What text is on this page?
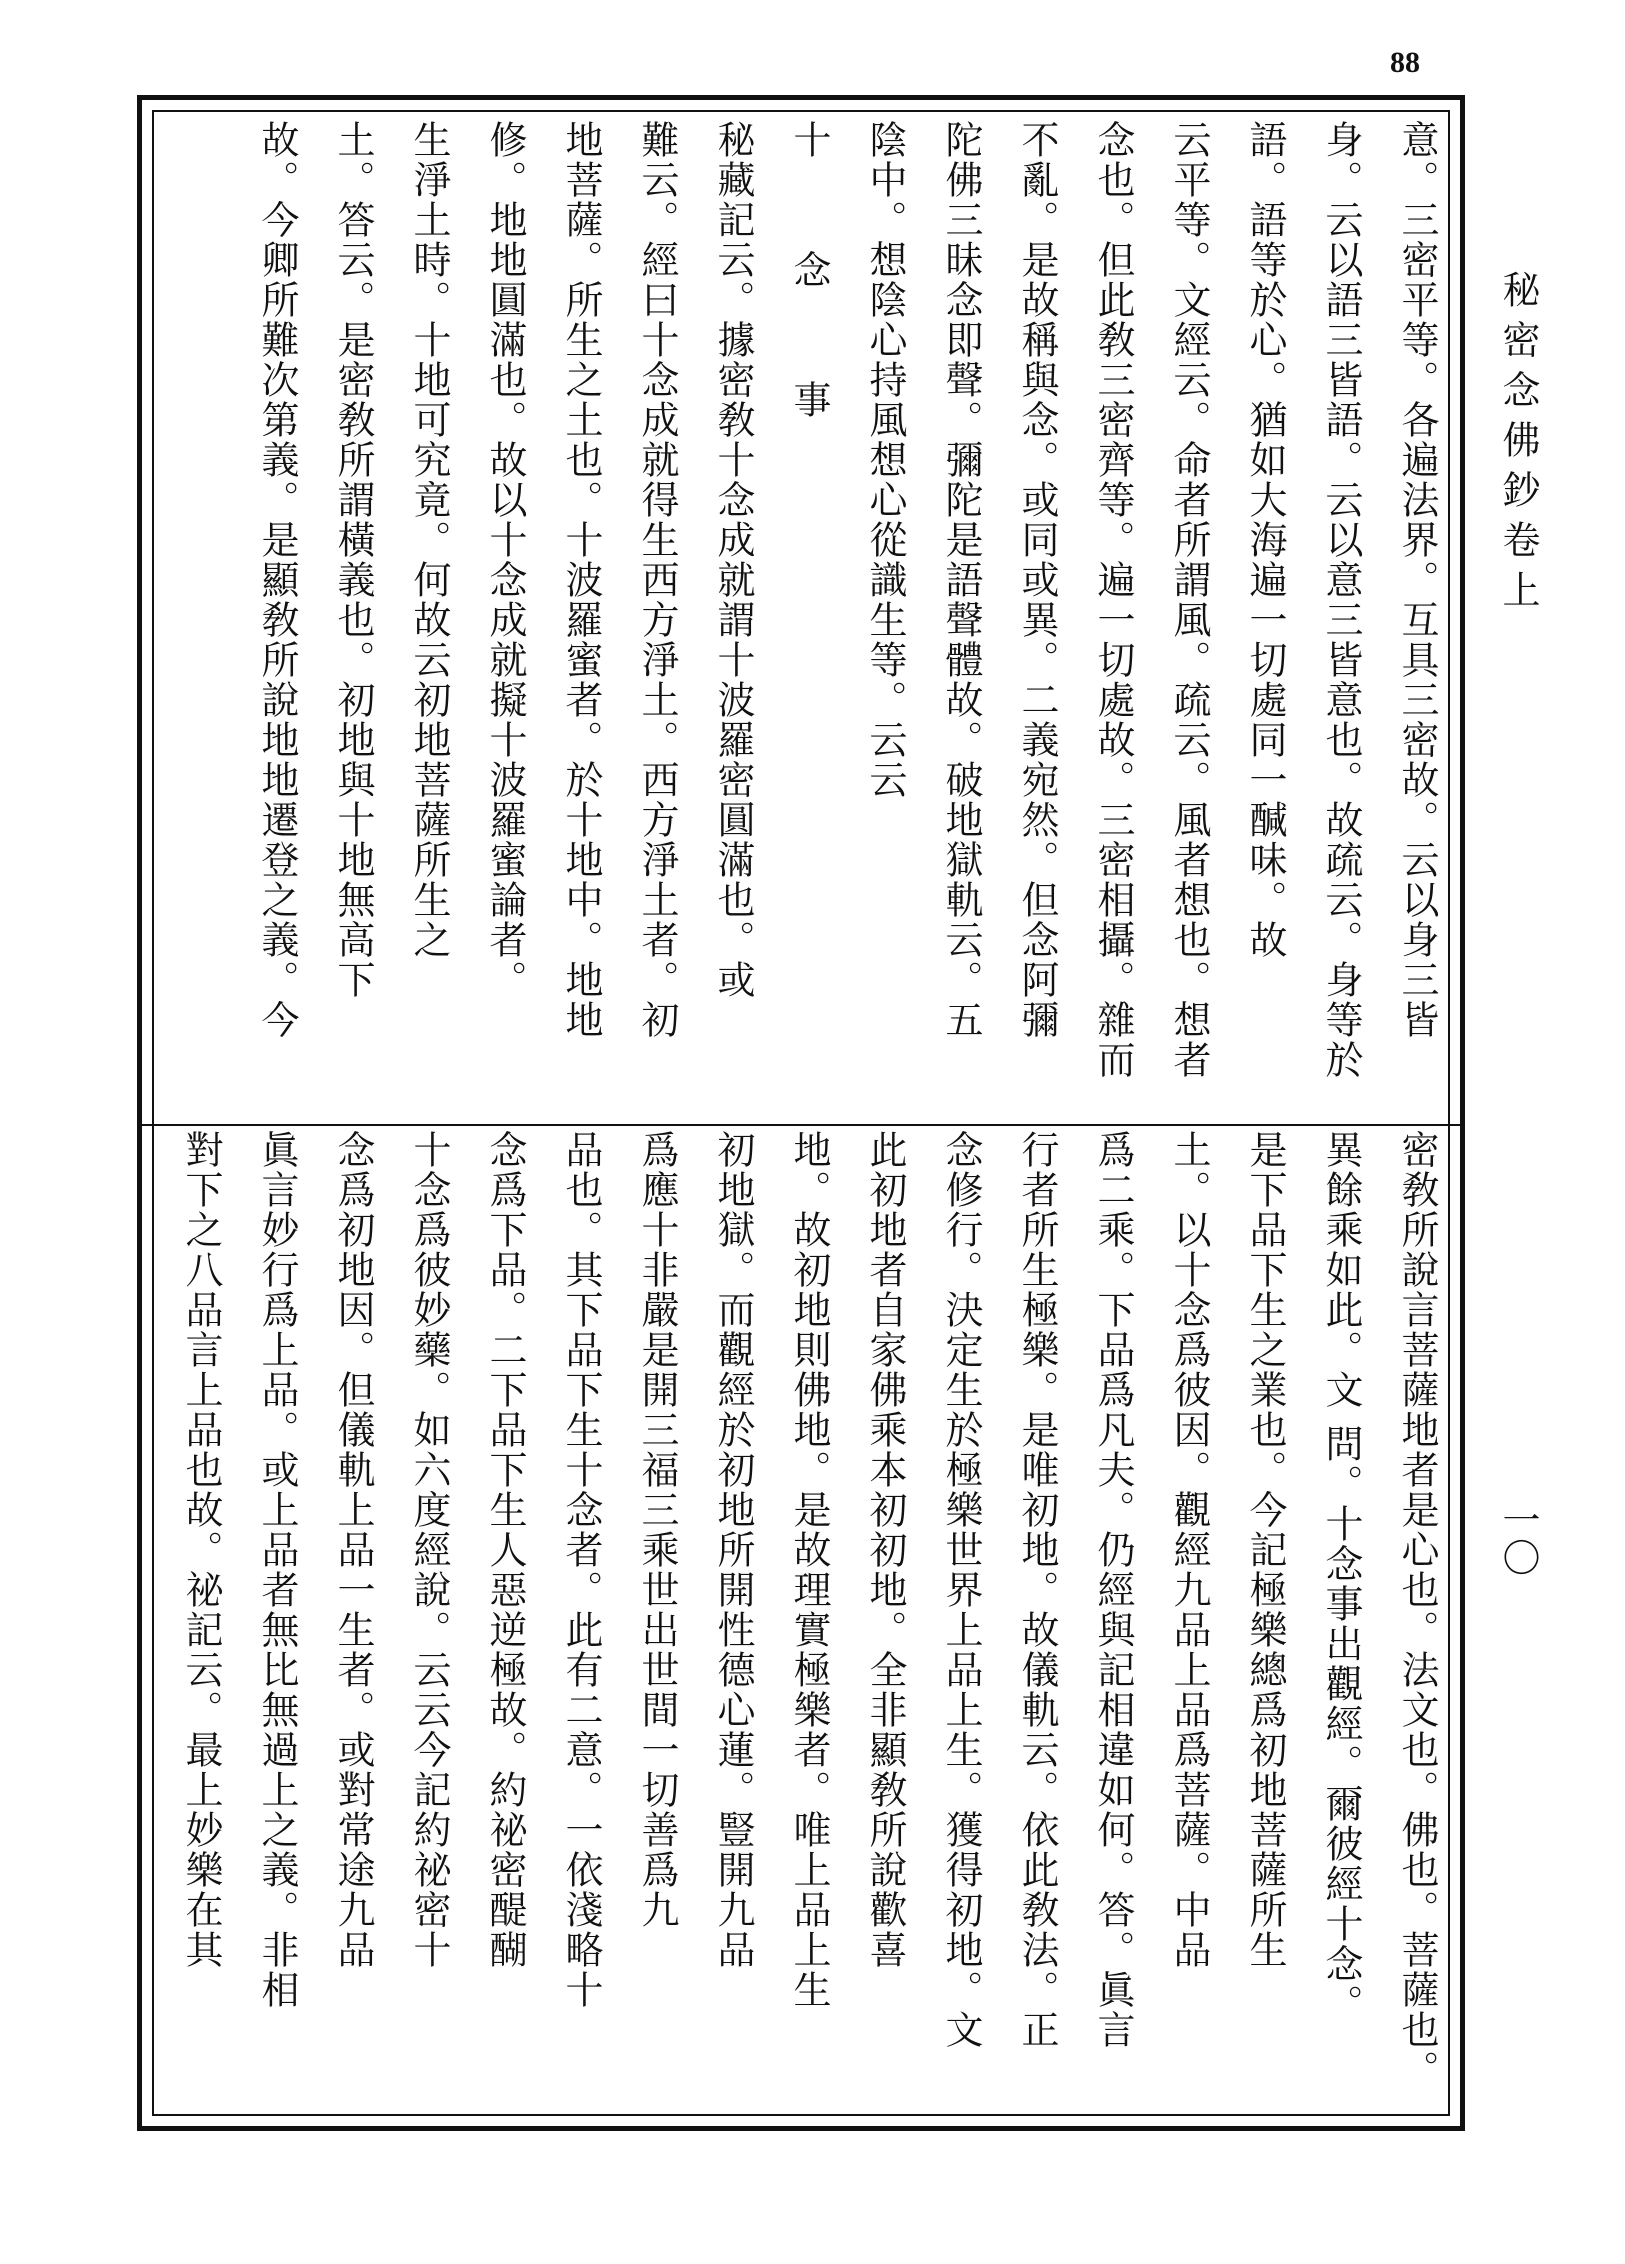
88
秘密念佛鈔卷上
一〇
意。三密平等。各遍法界。互具三密故。云以身三皆
身。云以語三皆語。云以意三皆意也。故疏云。身等於
語。語等於心。猶如大海遍一切處同一醎味。故
云平等。文經云。命者所謂風。疏云。風者想也。想者
念也。但此敎三密齊等。遍一切處故。三密相攝。雜而
不亂。是故稱與念。或同或異。二義宛然。但念阿彌
陀佛三昧念即聲。彌陀是語聲體故。破地獄軌云。五
陰中。想陰心持風想心從識生等。云云
十 念 事
秘藏記云。據密敎十念成就謂十波羅密圓滿也。或
難云。經曰十念成就得生西方淨土。西方淨土者。初
地菩薩。所生之土也。十波羅蜜者。於十地中。地地
修。地地圓滿也。故以十念成就擬十波羅蜜論者。
生淨土時。十地可究竟。何故云初地菩薩所生之
土。答云。是密敎所謂橫義也。初地與十地無高下
故。今卿所難次第義。是顯敎所說地地遷登之義。今
密敎所說言菩薩地者是心也。法文也。佛也。菩薩也。
異餘乘如此。文 問。十念事出觀經。爾彼經十念。
是下品下生之業也。今記極樂總爲初地菩薩所生
土。以十念爲彼因。觀經九品上品爲菩薩。中品
爲二乘。下品爲凡夫。仍經與記相違如何。答。眞言
行者所生極樂。是唯初地。故儀軌云。依此敎法。正
念修行。決定生於極樂世界上品上生。獲得初地。文
此初地者自家佛乘本初初地。全非顯敎所說歡喜
地。故初地則佛地。是故理實極樂者。唯上品上生
初地獄。而觀經於初地所開性德心蓮。豎開九品
爲應十非嚴是開三福三乘世出世間一切善爲九
品也。其下品下生十念者。此有二意。一依淺略十
念爲下品。二下品下生人惡逆極故。約祕密醍醐
十念爲彼妙藥。如六度經說。云云今記約祕密十
念爲初地因。但儀軌上品一生者。或對常途九品
眞言妙行爲上品。或上品者無比無過上之義。非相
對下之八品言上品也故。祕記云。最上妙樂在其
